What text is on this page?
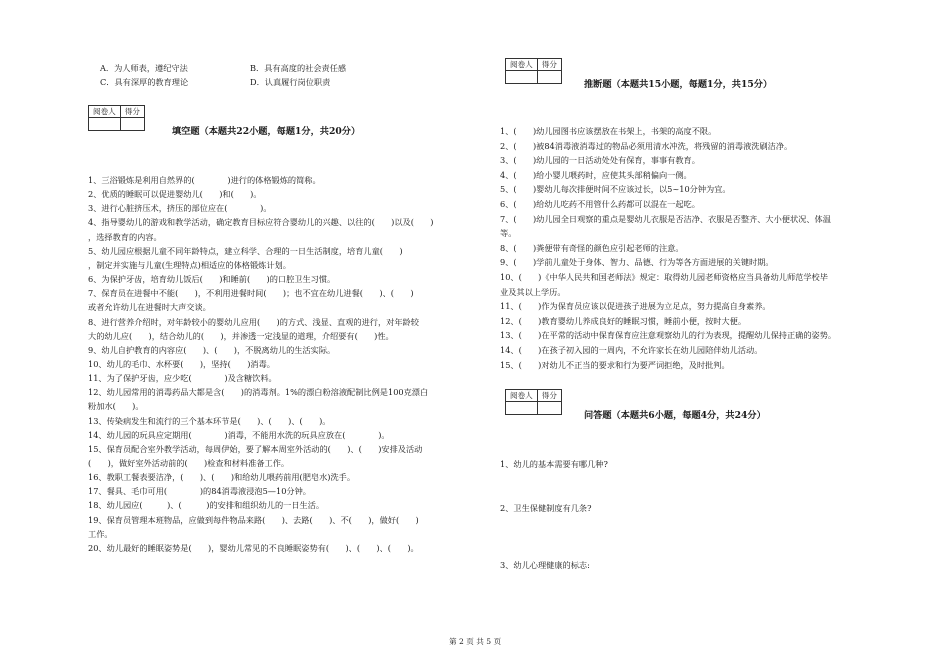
A．为人师表，遵纪守法	B．具有高度的社会责任感
C．具有深厚的教育理论	D．认真履行岗位职责
阅卷人	得分

填空题（本题共22小题，每题1分，共20分）
1、三浴锻炼是利用自然界的(　　　　)进行的体格锻炼的简称。
2、优质的睡眠可以促进婴幼儿(　　)和(　　)。
3、进行心脏挤压术，挤压的部位应在(　　　　)。
4、指导婴幼儿的游戏和教学活动，确定教育目标应符合婴幼儿的兴趣、以往的(　　)以及(　　)
，选择教育的内容。
5、幼儿园应根据儿童不同年龄特点，建立科学、合理的一日生活制度，培育儿童(　　)
，制定并实施与儿童(生理特点)相适应的体格锻炼计划。
6、为保护牙齿，培育幼儿饭后(　　)和睡前(　　)的口腔卫生习惯。
7、保育员在进餐中不能(　　)，不利用进餐时间(　　)；也不宜在幼儿进餐(　　)、(　　)
或者允许幼儿在进餐时大声交谈。
8、进行营养介绍时，对年龄较小的婴幼儿应用(　　)的方式、浅显、直观的进行，对年龄较
大的幼儿应(　　)，结合幼儿的(　　)，并渗透一定浅显的道理，介绍要有(　　)性。
9、幼儿自护教育的内容应(　　)、(　　)，不脱离幼儿的生活实际。
10、幼儿的毛巾、水杯要(　　)，坚持(　　)消毒。
11、为了保护牙齿，应少吃(　　　　)及含糖饮料。
12、幼儿园常用的消毒药品大都是含(　　)的消毒剂。1%的漂白粉溶液配制比例是100克漂白
粉加水(　　)。
13、传染病发生和流行的三个基本环节是(　　)、(　　)、(　　)。
14、幼儿园的玩具应定期用(　　　　)消毒，不能用水洗的玩具应放在(　　　　)。
15、保育员配合室外教学活动，每周伊始，要了解本周室外活动的(　　)、(　　)安排及活动
(　　)，做好室外活动前的(　　)检查和材料准备工作。
16、教职工餐表要洁净，(　　)、(　　)和给幼儿喂药前用(肥皂水)洗手。
17、餐具、毛巾可用(　　　　)的84消毒液浸泡5—10分钟。
18、幼儿园应(　　　)、(　　　)的安排和组织幼儿的一日生活。
19、保育员管理本班物品，应做到每件物品来路(　　)、去路(　　)、不(　　)，做好(　　)
工作。
20、幼儿最好的睡眠姿势是(　　)，婴幼儿常见的不良睡眠姿势有(　　)、(　　)、(　　)。
阅卷人	得分

推断题（本题共15小题，每题1分，共15分）
1、(　　)幼儿园图书应该摆放在书架上，书架的高度不限。
2、(　　)被84消毒液消毒过的物品必须用清水冲洗，将残留的消毒液洗刷洁净。
3、(　　)幼儿园的一日活动处处有保育，事事有教育。
4、(　　)给小婴儿喂药时，应使其头部稍偏向一侧。
5、(　　)婴幼儿每次排便时间不应该过长，以5~10分钟为宜。
6、(　　)给幼儿吃药不用管什么药都可以混在一起吃。
7、(　　)幼儿园全日观察的重点是婴幼儿衣服是否洁净、衣服是否整齐、大小便状况、体温
等。
8、(　　)粪便带有奇怪的颜色应引起老师的注意。
9、(　　)学前儿童处于身体、智力、品德、行为等各方面进展的关键时期。
10、(　　)《中华人民共和国老师法》规定：取得幼儿园老师资格应当具备幼儿师范学校毕
业及其以上学历。
11、(　　)作为保育员应该以促进孩子进展为立足点，努力提高自身素养。
12、(　　)教育婴幼儿养成良好的睡眠习惯，睡前小便，按时大便。
13、(　　)在平常的活动中保育保育应注意观察幼儿的行为表现，提醒幼儿保持正确的姿势。
14、(　　)在孩子初入园的一周内，不允许家长在幼儿园陪伴幼儿活动。
15、(　　)对幼儿不正当的要求和行为要严词拒绝，及时批判。
阅卷人	得分

问答题（本题共6小题，每题4分，共24分）
1、幼儿的基本需要有哪几种?
2、卫生保健制度有几条?
3、幼儿心理健康的标志:
第 2 页 共 5 页
